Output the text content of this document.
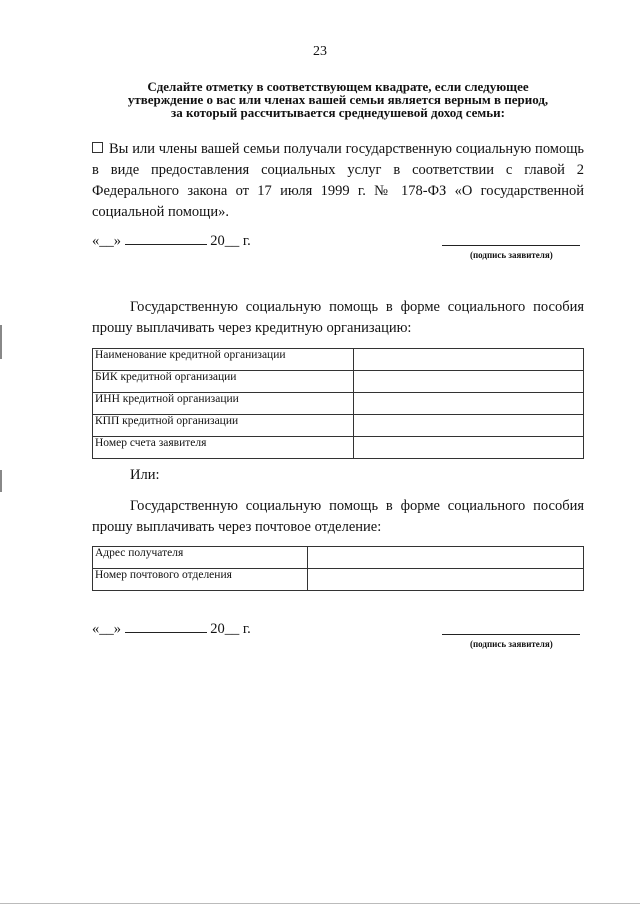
23
Сделайте отметку в соответствующем квадрате, если следующее
утверждение о вас или членах вашей семьи является верным в период,
за который рассчитывается среднедушевой доход семьи:
Вы или члены вашей семьи получали государственную социальную помощь в виде предоставления социальных услуг в соответствии с главой 2 Федерального закона от 17 июля 1999 г. № 178-ФЗ «О государственной социальной помощи».
«__»	20__ г.
(подпись заявителя)
Государственную социальную помощь в форме социального пособия прошу выплачивать через кредитную организацию:
Наименование кредитной организации	
БИК кредитной организации	
ИНН кредитной организации	
КПП кредитной организации	
Номер счета заявителя	
Или:
Государственную социальную помощь в форме социального пособия прошу выплачивать через почтовое отделение:
Адрес получателя	
Номер почтового отделения	
«__»	20__ г.
(подпись заявителя)
